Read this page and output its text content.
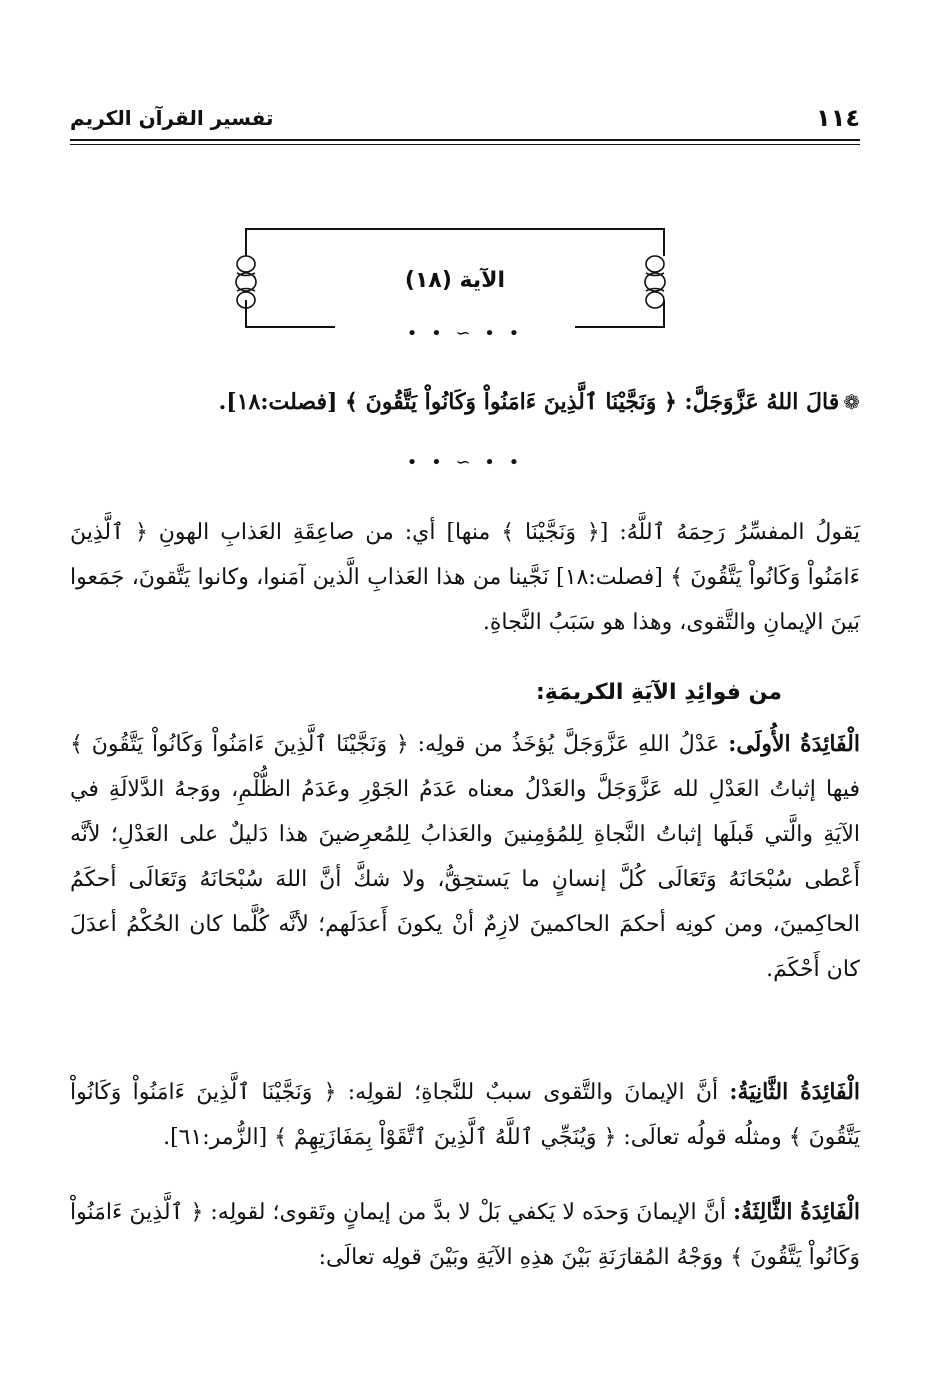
١١٤
تفسير القرآن الكريم
الآية (١٨)
• • ∽ • •
❁قالَ اللهُ عَزَّوَجَلَّ: ﴿ وَنَجَّيْنَا ٱلَّذِينَ ءَامَنُواْ وَكَانُواْ يَتَّقُونَ ﴾ [فصلت:١٨].
• • ∽ • •
يَقولُ المفسِّرُ رَحِمَهُ ٱللَّهُ: [﴿ وَنَجَّيْنَا ﴾ منها] أي: من صاعِقَةِ العَذابِ الهونِ ﴿ ٱلَّذِينَ ءَامَنُواْ وَكَانُواْ يَتَّقُونَ ﴾ [فصلت:١٨] نَجَّينا من هذا العَذابِ الَّذين آمَنوا، وكانوا يَتَّقونَ، جَمَعوا بَينَ الإيمانِ والتَّقوى، وهذا هو سَبَبُ النَّجاةِ.
من فوائِدِ الآيَةِ الكريمَةِ:
الْفَائِدَةُ الأُولَى: عَدْلُ اللهِ عَزَّوَجَلَّ يُؤخَذُ من قولِه: ﴿ وَنَجَّيْنَا ٱلَّذِينَ ءَامَنُواْ وَكَانُواْ يَتَّقُونَ ﴾ فيها إثباتُ العَدْلِ لله عَزَّوَجَلَّ والعَدْلُ معناه عَدَمُ الجَوْرِ وعَدَمُ الظُّلْمِ، ووَجهُ الدَّلالَةِ في الآيَةِ والَّتي قَبلَها إثباتُ النَّجاةِ لِلمُؤمِنينَ والعَذابُ لِلمُعرِضينَ هذا دَليلٌ على العَدْلِ؛ لأنَّه أَعْطى سُبْحَانَهُ وَتَعَالَى كُلَّ إنسانٍ ما يَستحِقُّ، ولا شكَّ أنَّ اللهَ سُبْحَانَهُ وَتَعَالَى أحكَمُ الحاكِمينَ، ومن كونِه أحكمَ الحاكمينَ لازِمٌ أنْ يكونَ أَعدَلَهم؛ لأنَّه كُلَّما كان الحُكْمُ أعدَلَ كان أَحْكَمَ.
الْفَائِدَةُ الثَّانِيَةُ: أنَّ الإيمانَ والتَّقوى سببٌ للنَّجاةِ؛ لقولِه: ﴿ وَنَجَّيْنَا ٱلَّذِينَ ءَامَنُواْ وَكَانُواْ يَتَّقُونَ ﴾ ومثلُه قولُه تعالَى: ﴿ وَيُنَجِّي ٱللَّهُ ٱلَّذِينَ ٱتَّقَوْاْ بِمَفَازَتِهِمْ ﴾ [الزُّمر:٦١].
الْفَائِدَةُ الثَّالِثَةُ: أنَّ الإيمانَ وَحدَه لا يَكفي بَلْ لا بدَّ من إيمانٍ وتَقوى؛ لقولِه: ﴿ ٱلَّذِينَ ءَامَنُواْ وَكَانُواْ يَتَّقُونَ ﴾ ووَجْهُ المُقارَنَةِ بَيْنَ هذِهِ الآيَةِ وبَيْنَ قولِه تعالَى:
